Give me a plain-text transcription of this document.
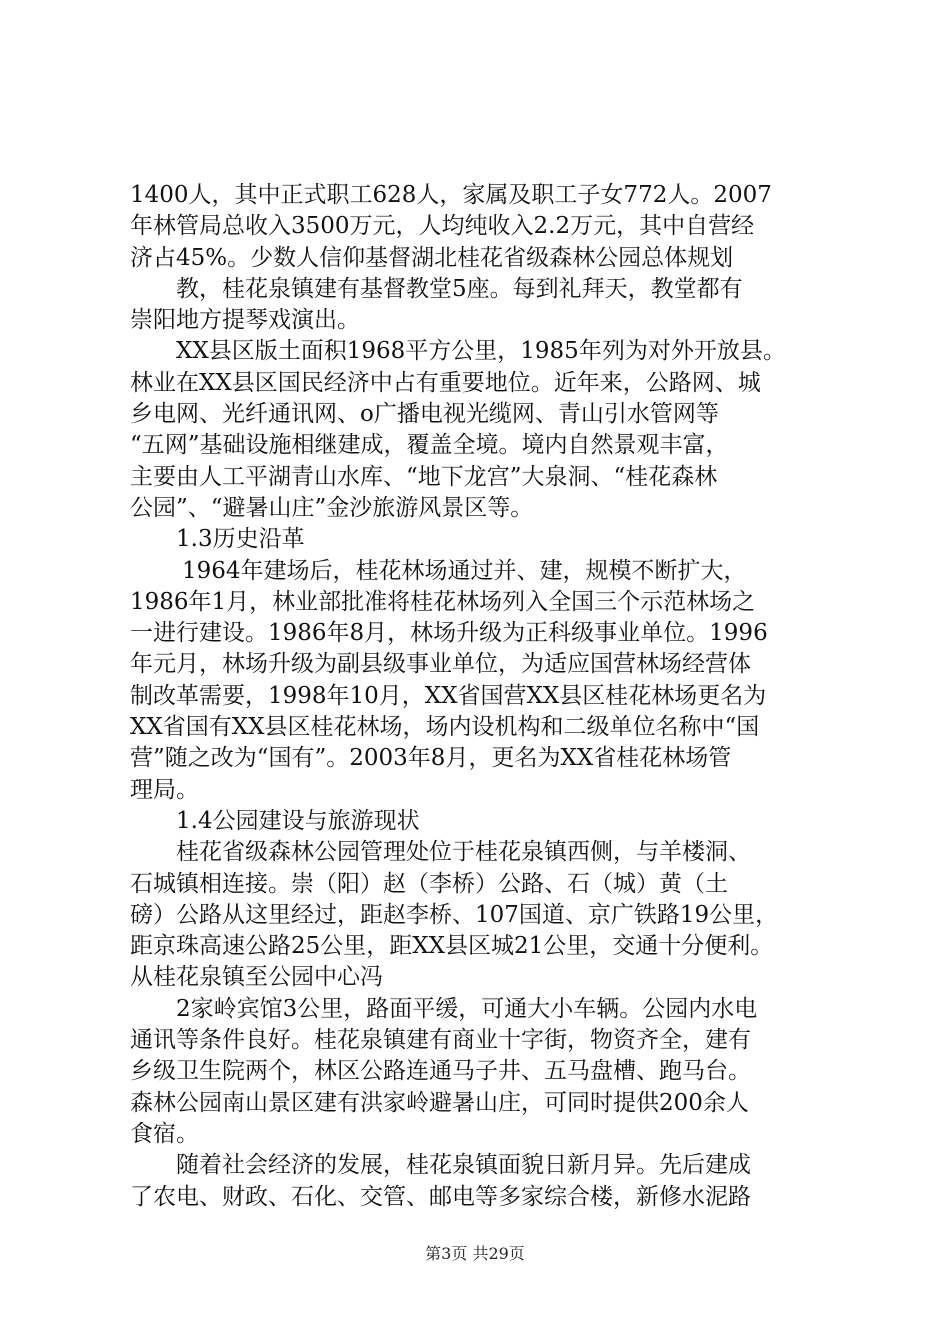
1400人，其中正式职工628人，家属及职工子女772人。2007
年林管局总收入3500万元，人均纯收入2.2万元，其中自营经
济占45%。少数人信仰基督湖北桂花省级森林公园总体规划
教，桂花泉镇建有基督教堂5座。每到礼拜天，教堂都有
崇阳地方提琴戏演出。
XX县区版土面积1968平方公里，1985年列为对外开放县。
林业在XX县区国民经济中占有重要地位。近年来，公路网、城
乡电网、光纤通讯网、o广播电视光缆网、青山引水管网等
“五网”基础设施相继建成，覆盖全境。境内自然景观丰富，
主要由人工平湖青山水库、“地下龙宫”大泉洞、“桂花森林
公园”、“避暑山庄”金沙旅游风景区等。
1.3历史沿革
1964年建场后，桂花林场通过并、建，规模不断扩大，
1986年1月，林业部批准将桂花林场列入全国三个示范林场之
一进行建设。1986年8月，林场升级为正科级事业单位。1996
年元月，林场升级为副县级事业单位，为适应国营林场经营体
制改革需要，1998年10月，XX省国营XX县区桂花林场更名为
XX省国有XX县区桂花林场，场内设机构和二级单位名称中“国
营”随之改为“国有”。2003年8月，更名为XX省桂花林场管
理局。
1.4公园建设与旅游现状
桂花省级森林公园管理处位于桂花泉镇西侧，与羊楼洞、
石城镇相连接。崇（阳）赵（李桥）公路、石（城）黄（土
磅）公路从这里经过，距赵李桥、107国道、京广铁路19公里，
距京珠高速公路25公里，距XX县区城21公里，交通十分便利。
从桂花泉镇至公园中心冯
2家岭宾馆3公里，路面平缓，可通大小车辆。公园内水电
通讯等条件良好。桂花泉镇建有商业十字街，物资齐全，建有
乡级卫生院两个，林区公路连通马子井、五马盘槽、跑马台。
森林公园南山景区建有洪家岭避暑山庄，可同时提供200余人
食宿。
随着社会经济的发展，桂花泉镇面貌日新月异。先后建成
了农电、财政、石化、交管、邮电等多家综合楼，新修水泥路
第3页 共29页
